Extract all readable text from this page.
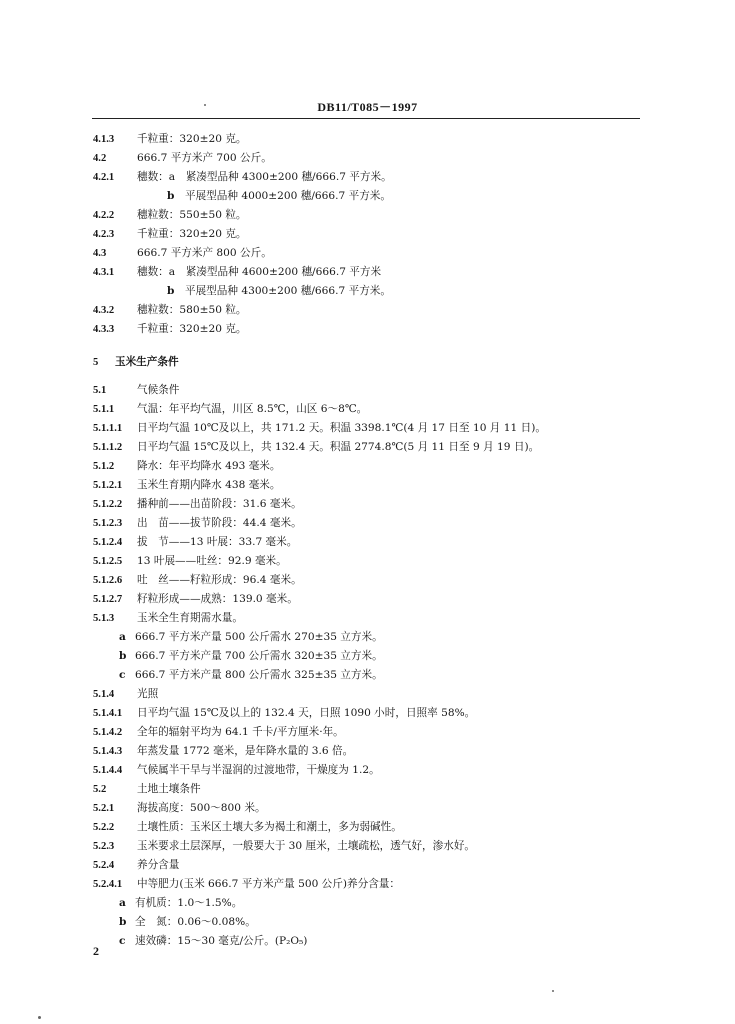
DB11/T085－1997
4.1.3 千粒重：320±20 克。
4.2	666.7 平方米产 700 公斤。
4.2.1 穗数：a　紧凑型品种 4300±200 穗/666.7 平方米。
b 平展型品种 4000±200 穗/666.7 平方米。
4.2.2 穗粒数：550±50 粒。
4.2.3 千粒重：320±20 克。
4.3	666.7 平方米产 800 公斤。
4.3.1 穗数：a　紧凑型品种 4600±200 穗/666.7 平方米
b 平展型品种 4300±200 穗/666.7 平方米。
4.3.2 穗粒数：580±50 粒。
4.3.3 千粒重：320±20 克。
5 玉米生产条件
5.1	气候条件
5.1.1 气温：年平均气温，川区 8.5℃，山区 6～8℃。
5.1.1.1 日平均气温 10℃及以上，共 171.2 天。积温 3398.1℃(4 月 17 日至 10 月 11 日)。
5.1.1.2 日平均气温 15℃及以上，共 132.4 天。积温 2774.8℃(5 月 11 日至 9 月 19 日)。
5.1.2 降水：年平均降水 493 毫米。
5.1.2.1 玉米生育期内降水 438 毫米。
5.1.2.2 播种前——出苗阶段：31.6 毫米。
5.1.2.3 出　苗——拔节阶段：44.4 毫米。
5.1.2.4 拔　节——13 叶展：33.7 毫米。
5.1.2.5 13 叶展——吐丝：92.9 毫米。
5.1.2.6 吐　丝——籽粒形成：96.4 毫米。
5.1.2.7 籽粒形成——成熟：139.0 毫米。
5.1.3 玉米全生育期需水量。
a 666.7 平方米产量 500 公斤需水 270±35 立方米。
b 666.7 平方米产量 700 公斤需水 320±35 立方米。
c 666.7 平方米产量 800 公斤需水 325±35 立方米。
5.1.4 光照
5.1.4.1 日平均气温 15℃及以上的 132.4 天，日照 1090 小时，日照率 58%。
5.1.4.2 全年的辐射平均为 64.1 千卡/平方厘米·年。
5.1.4.3 年蒸发量 1772 毫米，是年降水量的 3.6 倍。
5.1.4.4 气候属半干旱与半湿润的过渡地带，干燥度为 1.2。
5.2	土地土壤条件
5.2.1 海拔高度：500～800 米。
5.2.2 土壤性质：玉米区土壤大多为褐土和潮土，多为弱碱性。
5.2.3 玉米要求土层深厚，一般要大于 30 厘米，土壤疏松，透气好，渗水好。
5.2.4 养分含量
5.2.4.1 中等肥力(玉米 666.7 平方米产量 500 公斤)养分含量：
a 有机质：1.0～1.5%。
b 全　氮：0.06～0.08%。
c 速效磷：15～30 毫克/公斤。(P₂O₅)
2
